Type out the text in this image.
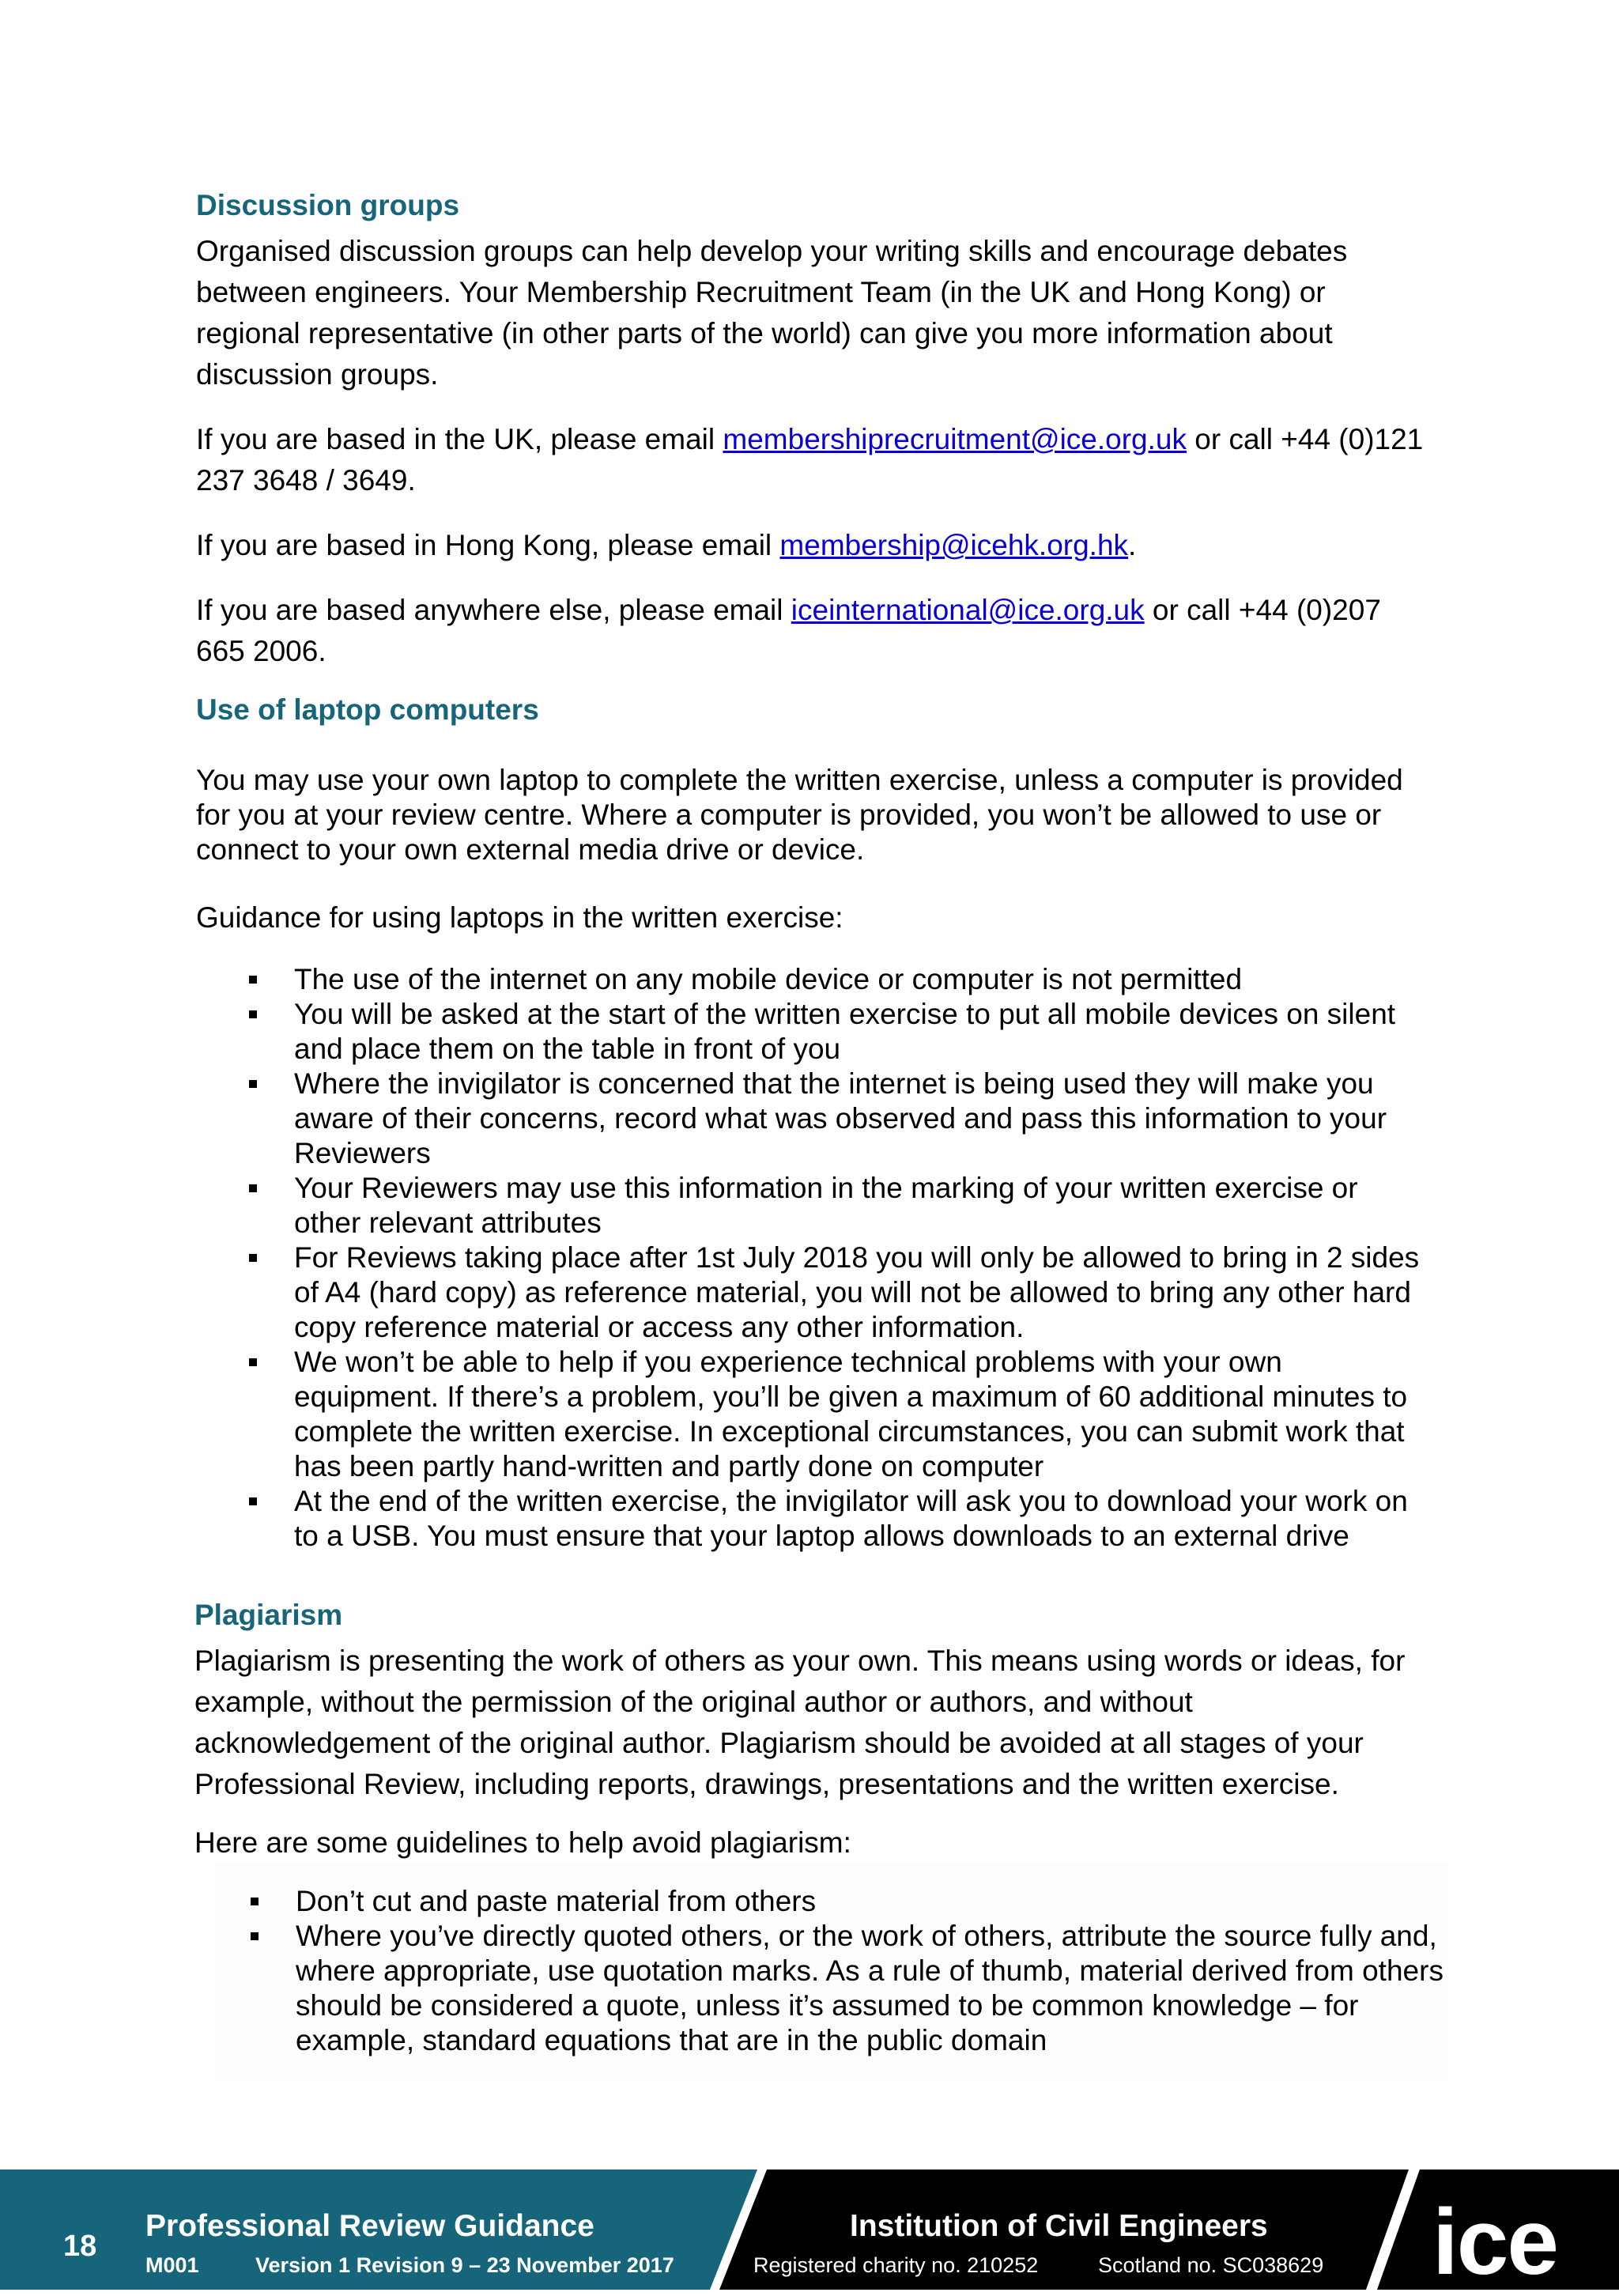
Discussion groups

Organised discussion groups can help develop your writing skills and encourage debates between engineers. Your Membership Recruitment Team (in the UK and Hong Kong) or regional representative (in other parts of the world) can give you more information about discussion groups.

If you are based in the UK, please email membershiprecruitment@ice.org.uk or call +44 (0)121 237 3648 / 3649.

If you are based in Hong Kong, please email membership@icehk.org.hk.

If you are based anywhere else, please email iceinternational@ice.org.uk or call +44 (0)207 665 2006.

Use of laptop computers

You may use your own laptop to complete the written exercise, unless a computer is provided for you at your review centre. Where a computer is provided, you won’t be allowed to use or connect to your own external media drive or device.

Guidance for using laptops in the written exercise:

The use of the internet on any mobile device or computer is not permitted
You will be asked at the start of the written exercise to put all mobile devices on silent and place them on the table in front of you
Where the invigilator is concerned that the internet is being used they will make you aware of their concerns, record what was observed and pass this information to your Reviewers
Your Reviewers may use this information in the marking of your written exercise or other relevant attributes
For Reviews taking place after 1st July 2018 you will only be allowed to bring in 2 sides of A4 (hard copy) as reference material, you will not be allowed to bring any other hard copy reference material or access any other information.
We won’t be able to help if you experience technical problems with your own equipment. If there’s a problem, you’ll be given a maximum of 60 additional minutes to complete the written exercise. In exceptional circumstances, you can submit work that has been partly hand-written and partly done on computer
At the end of the written exercise, the invigilator will ask you to download your work on to a USB. You must ensure that your laptop allows downloads to an external drive
Plagiarism

Plagiarism is presenting the work of others as your own. This means using words or ideas, for example, without the permission of the original author or authors, and without acknowledgement of the original author. Plagiarism should be avoided at all stages of your Professional Review, including reports, drawings, presentations and the written exercise.

Here are some guidelines to help avoid plagiarism:

Don’t cut and paste material from others
Where you’ve directly quoted others, or the work of others, attribute the source fully and, where appropriate, use quotation marks. As a rule of thumb, material derived from others should be considered a quote, unless it’s assumed to be common knowledge – for example, standard equations that are in the public domain
18
Professional Review Guidance
M001	Version 1 Revision 9 – 23 November 2017
Institution of Civil Engineers
Registered charity no. 210252	Scotland no. SC038629 ice
